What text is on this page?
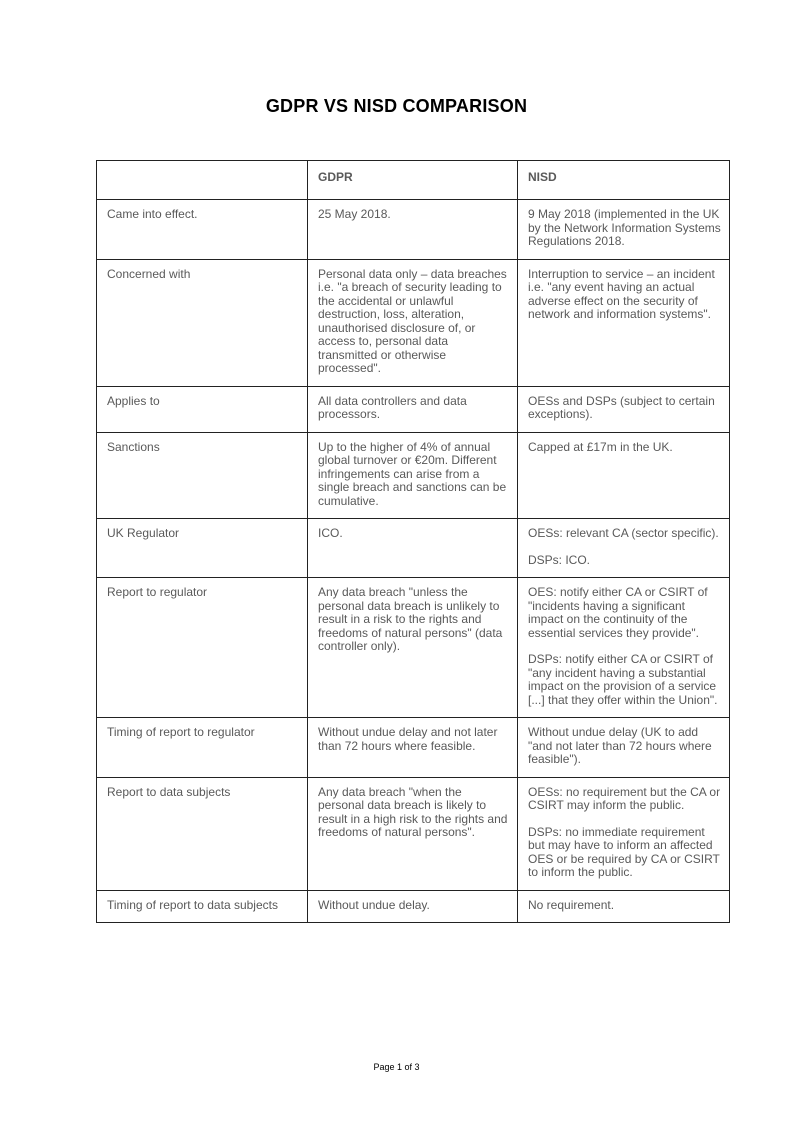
GDPR VS NISD COMPARISON
	GDPR	NISD
Came into effect.	25 May 2018.	9 May 2018 (implemented in the UK by the Network Information Systems Regulations 2018.

Concerned with	Personal data only – data breaches i.e. "a breach of security leading to the accidental or unlawful destruction, loss, alteration, unauthorised disclosure of, or access to, personal data transmitted or otherwise processed".	Interruption to service – an incident i.e. "any event having an actual adverse effect on the security of network and information systems".

Applies to	All data controllers and data processors.	OESs and DSPs (subject to certain exceptions).

Sanctions	Up to the higher of 4% of annual global turnover or €20m. Different infringements can arise from a single breach and sanctions can be cumulative.	Capped at £17m in the UK.

UK Regulator	ICO.	OESs: relevant CA (sector specific).
DSPs: ICO.

Report to regulator	Any data breach "unless the personal data breach is unlikely to result in a risk to the rights and freedoms of natural persons" (data controller only).	OES: notify either CA or CSIRT of "incidents having a significant impact on the continuity of the essential services they provide".
DSPs: notify either CA or CSIRT of "any incident having a substantial impact on the provision of a service [...] that they offer within the Union".

Timing of report to regulator	Without undue delay and not later than 72 hours where feasible.	Without undue delay (UK to add "and not later than 72 hours where feasible").

Report to data subjects	Any data breach "when the personal data breach is likely to result in a high risk to the rights and freedoms of natural persons".	OESs: no requirement but the CA or CSIRT may inform the public.
DSPs: no immediate requirement but may have to inform an affected OES or be required by CA or CSIRT to inform the public.

Timing of report to data subjects	Without undue delay.	No requirement.
Page 1 of 3
